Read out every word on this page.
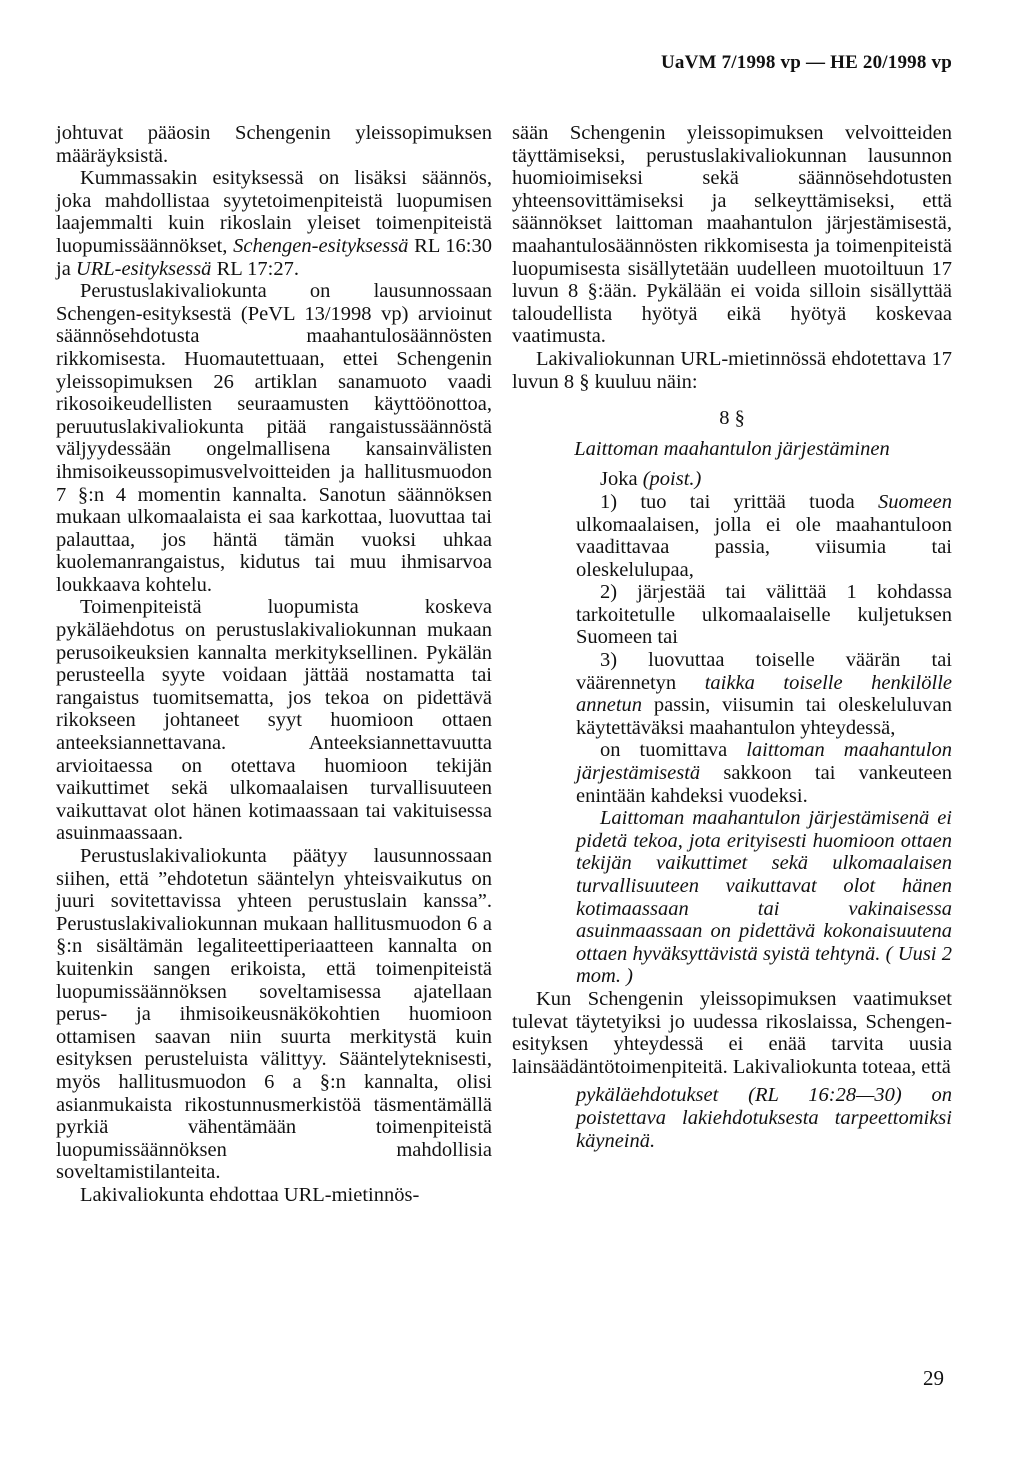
UaVM 7/1998 vp — HE 20/1998 vp

johtuvat pääosin Schengenin yleissopimuksen määräyksistä.

Kummassakin esityksessä on lisäksi säännös, joka mahdollistaa syytetoimenpiteistä luopumisen laajemmalti kuin rikoslain yleiset toimenpiteistä luopumissäännökset, Schengen-esityksessä RL 16:30 ja URL-esityksessä RL 17:27.

Perustuslakivaliokunta on lausunnossaan Schengen-esityksestä (PeVL 13/1998 vp) arvioinut säännösehdotusta maahantulosäännösten rikkomisesta. Huomautettuaan, ettei Schengenin yleissopimuksen 26 artiklan sanamuoto vaadi rikosoikeudellisten seuraamusten käyttöönottoa, peruutuslakivaliokunta pitää rangaistussäännöstä väljyydessään ongelmallisena kansainvälisten ihmisoikeussopimusvelvoitteiden ja hallitusmuodon 7 §:n 4 momentin kannalta. Sanotun säännöksen mukaan ulkomaalaista ei saa karkottaa, luovuttaa tai palauttaa, jos häntä tämän vuoksi uhkaa kuolemanrangaistus, kidutus tai muu ihmisarvoa loukkaava kohtelu.

Toimenpiteistä luopumista koskeva pykäläehdotus on perustuslakivaliokunnan mukaan perusoikeuksien kannalta merkityksellinen. Pykälän perusteella syyte voidaan jättää nostamatta tai rangaistus tuomitsematta, jos tekoa on pidettävä rikokseen johtaneet syyt huomioon ottaen anteeksiannettavana. Anteeksiannettavuutta arvioitaessa on otettava huomioon tekijän vaikuttimet sekä ulkomaalaisen turvallisuuteen vaikuttavat olot hänen kotimaassaan tai vakituisessa asuinmaassaan.

Perustuslakivaliokunta päätyy lausunnossaan siihen, että ”ehdotetun sääntelyn yhteisvaikutus on juuri sovitettavissa yhteen perustuslain kanssa”. Perustuslakivaliokunnan mukaan hallitusmuodon 6 a §:n sisältämän legaliteettiperiaatteen kannalta on kuitenkin sangen erikoista, että toimenpiteistä luopumissäännöksen soveltamisessa ajatellaan perus- ja ihmisoikeusnäkökohtien huomioon ottamisen saavan niin suurta merkitystä kuin esityksen perusteluista välittyy. Sääntelyteknisesti, myös hallitusmuodon 6 a §:n kannalta, olisi asianmukaista rikostunnusmerkistöä täsmentämällä pyrkiä vähentämään toimenpiteistä luopumissäännöksen mahdollisia soveltamistilanteita.

Lakivaliokunta ehdottaa URL-mietinnös-

sään Schengenin yleissopimuksen velvoitteiden täyttämiseksi, perustuslakivaliokunnan lausunnon huomioimiseksi sekä säännösehdotusten yhteensovittämiseksi ja selkeyttämiseksi, että säännökset laittoman maahantulon järjestämisestä, maahantulosäännösten rikkomisesta ja toimenpiteistä luopumisesta sisällytetään uudelleen muotoiltuun 17 luvun 8 §:ään. Pykälään ei voida silloin sisällyttää taloudellista hyötyä eikä hyötyä koskevaa vaatimusta.

Lakivaliokunnan URL-mietinnössä ehdotettava 17 luvun 8 § kuuluu näin:

8 §
Laittoman maahantulon järjestäminen

Joka (poist.)

1) tuo tai yrittää tuoda Suomeen ulkomaalaisen, jolla ei ole maahantuloon vaadittavaa passia, viisumia tai oleskelulupaa,

2) järjestää tai välittää 1 kohdassa tarkoitetulle ulkomaalaiselle kuljetuksen Suomeen tai

3) luovuttaa toiselle väärän tai väärennetyn taikka toiselle henkilölle annetun passin, viisumin tai oleskeluluvan käytettäväksi maahantulon yhteydessä,

on tuomittava laittoman maahantulon järjestämisestä sakkoon tai vankeuteen enintään kahdeksi vuodeksi.

Laittoman maahantulon järjestämisenä ei pidetä tekoa, jota erityisesti huomioon ottaen tekijän vaikuttimet sekä ulkomaalaisen turvallisuuteen vaikuttavat olot hänen kotimaassaan tai vakinaisessa asuinmaassaan on pidettävä kokonaisuutena ottaen hyväksyttävistä syistä tehtynä. ( Uusi 2 mom. )

Kun Schengenin yleissopimuksen vaatimukset tulevat täytetyiksi jo uudessa rikoslaissa, Schengen-esityksen yhteydessä ei enää tarvita uusia lainsäädäntötoimenpiteitä. Lakivaliokunta toteaa, että

pykäläehdotukset (RL 16:28—30) on poistettava lakiehdotuksesta tarpeettomiksi käyneinä.

29
